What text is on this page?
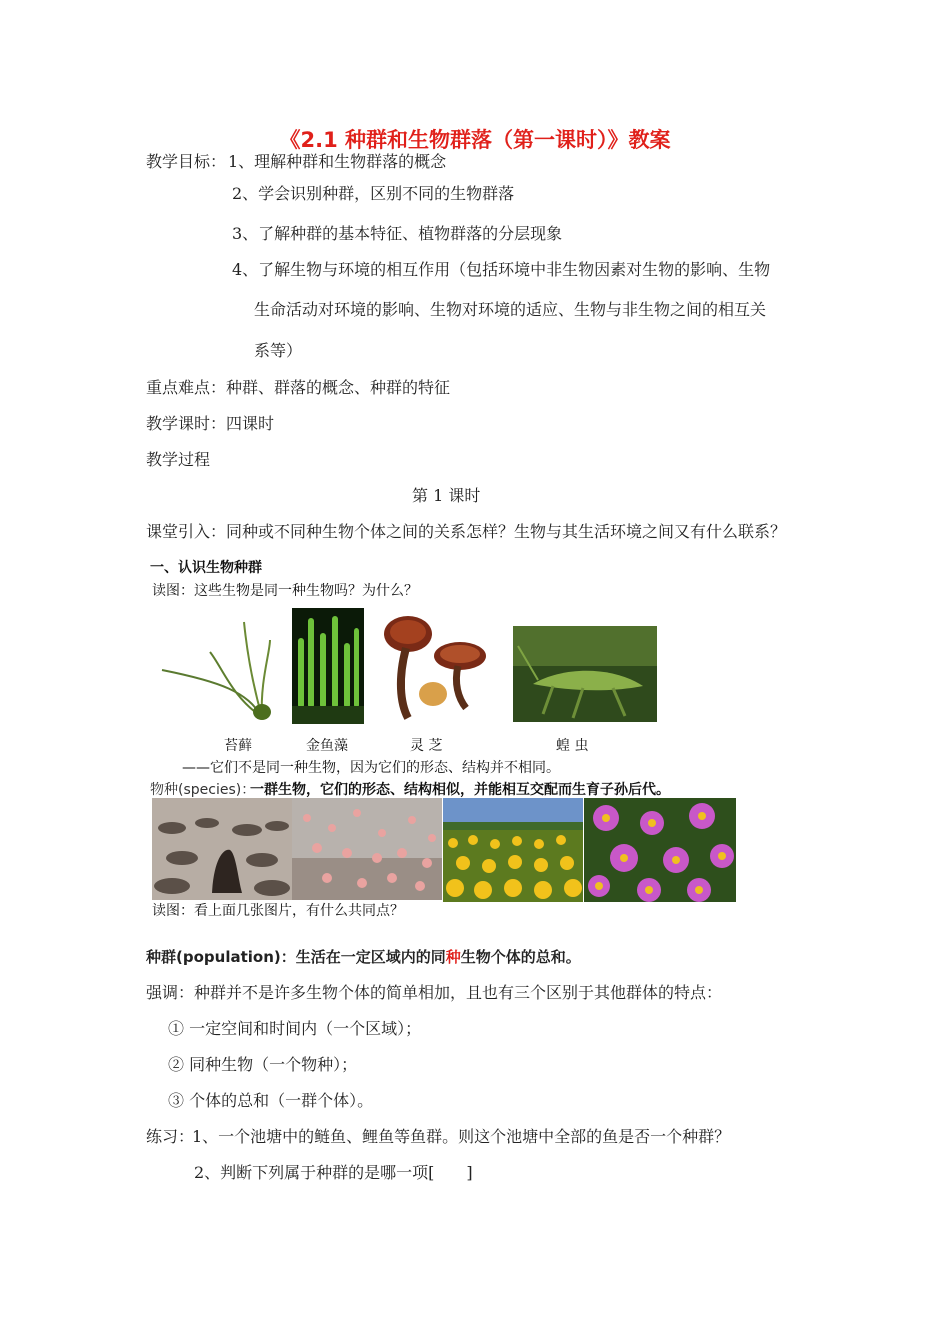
《2.1 种群和生物群落（第一课时）》教案
教学目标： 1、理解种群和生物群落的概念
2、学会识别种群，区别不同的生物群落
3、了解种群的基本特征、植物群落的分层现象
4、了解生物与环境的相互作用（包括环境中非生物因素对生物的影响、生物
生命活动对环境的影响、生物对环境的适应、生物与非生物之间的相互关
系等）
重点难点：种群、群落的概念、种群的特征
教学课时：四课时
教学过程
第 1 课时
课堂引入：同种或不同种生物个体之间的关系怎样？生物与其生活环境之间又有什么联系？
一、认识生物种群
读图：这些生物是同一种生物吗？为什么？
苔藓	金鱼藻	灵 芝	蝗 虫
——它们不是同一种生物，因为它们的形态、结构并不相同。
物种(species)：
一群生物，它们的形态、结构相似，并能相互交配而生育子孙后代。
读图：看上面几张图片，有什么共同点？
种群(population)：生活在一定区域内的同种生物个体的总和。
强调：种群并不是许多生物个体的简单相加，且也有三个区别于其他群体的特点：
① 一定空间和时间内（一个区域）；
② 同种生物（一个物种）；
③ 个体的总和（一群个体）。
练习：
1、一个池塘中的鲢鱼、鲤鱼等鱼群。则这个池塘中全部的鱼是否一个种群？
2、判断下列属于种群的是哪一项[　　]
